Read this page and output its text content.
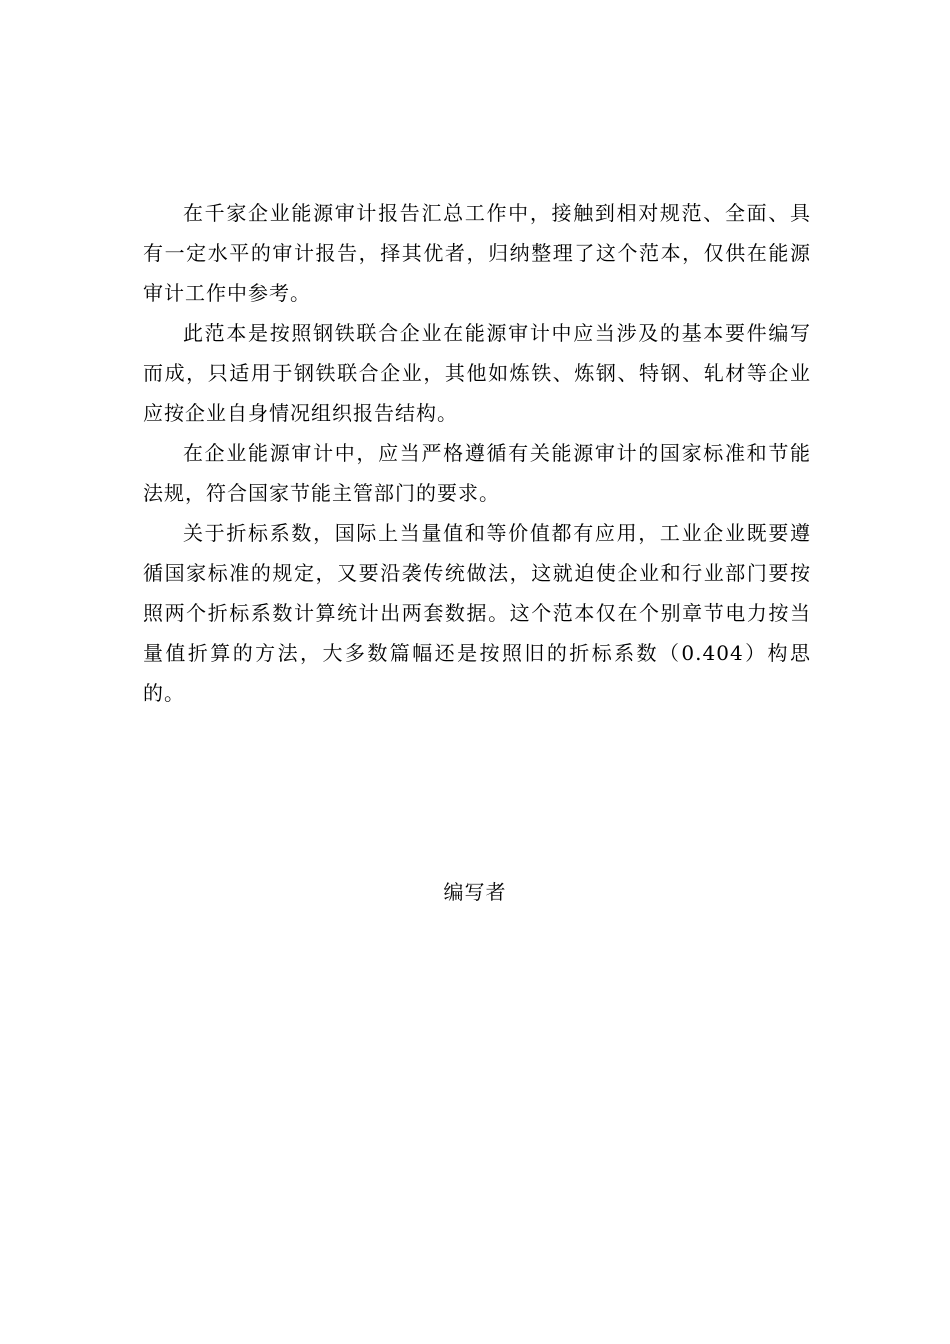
在千家企业能源审计报告汇总工作中，接触到相对规范、全面、具有一定水平的审计报告，择其优者，归纳整理了这个范本，仅供在能源审计工作中参考。

此范本是按照钢铁联合企业在能源审计中应当涉及的基本要件编写而成，只适用于钢铁联合企业，其他如炼铁、炼钢、特钢、轧材等企业应按企业自身情况组织报告结构。

在企业能源审计中，应当严格遵循有关能源审计的国家标准和节能法规，符合国家节能主管部门的要求。

关于折标系数，国际上当量值和等价值都有应用，工业企业既要遵循国家标准的规定，又要沿袭传统做法，这就迫使企业和行业部门要按照两个折标系数计算统计出两套数据。这个范本仅在个别章节电力按当量值折算的方法，大多数篇幅还是按照旧的折标系数（0.404）构思的。

编写者
